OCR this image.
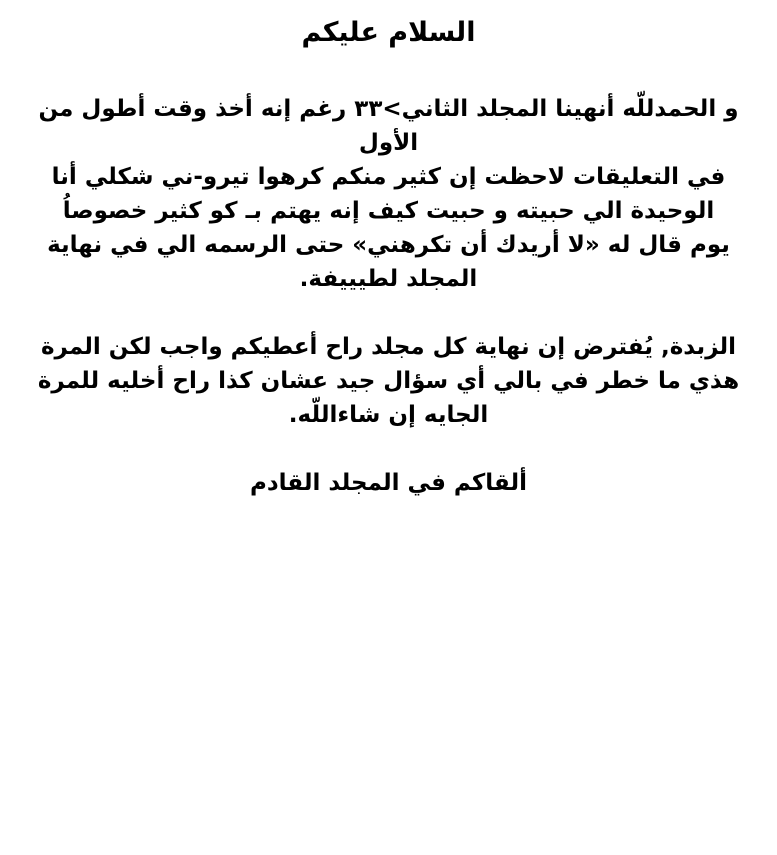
السلام عليكم
و الحمدللّه أنهينا المجلد الثاني>٣٣ رغم إنه أخذ وقت أطول من
الأول
في التعليقات لاحظت إن كثير منكم كرهوا تيرو-ني شكلي أنا
الوحيدة الي حبيته و حبيت كيف إنه يهتم بـ كو كثير خصوصاُ
يوم قال له «لا أريدك أن تكرهني» حتى الرسمه الي في نهاية
المجلد لطيييفة.
الزبدة, يُفترض إن نهاية كل مجلد راح أعطيكم واجب لكن المرة
هذي ما خطر في بالي أي سؤال جيد عشان كذا راح أخليه للمرة
الجايه إن شاءاللّه.
ألقاكم في المجلد القادم
